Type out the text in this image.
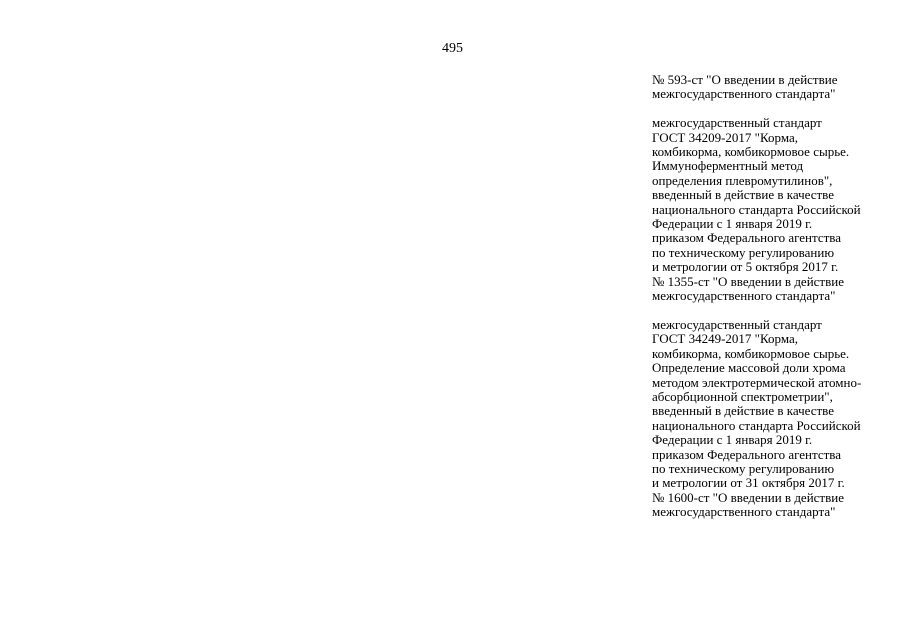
495

№ 593-ст "О введении в действие
межгосударственного стандарта"

межгосударственный стандарт
ГОСТ 34209-2017 "Корма,
комбикорма, комбикормовое сырье.
Иммуноферментный метод
определения плевромутилинов",
введенный в действие в качестве
национального стандарта Российской
Федерации с 1 января 2019 г.
приказом Федерального агентства
по техническому регулированию
и метрологии от 5 октября 2017 г.
№ 1355-ст "О введении в действие
межгосударственного стандарта"

межгосударственный стандарт
ГОСТ 34249-2017 "Корма,
комбикорма, комбикормовое сырье.
Определение массовой доли хрома
методом электротермической атомно-
абсорбционной спектрометрии",
введенный в действие в качестве
национального стандарта Российской
Федерации с 1 января 2019 г.
приказом Федерального агентства
по техническому регулированию
и метрологии от 31 октября 2017 г.
№ 1600-ст "О введении в действие
межгосударственного стандарта"
